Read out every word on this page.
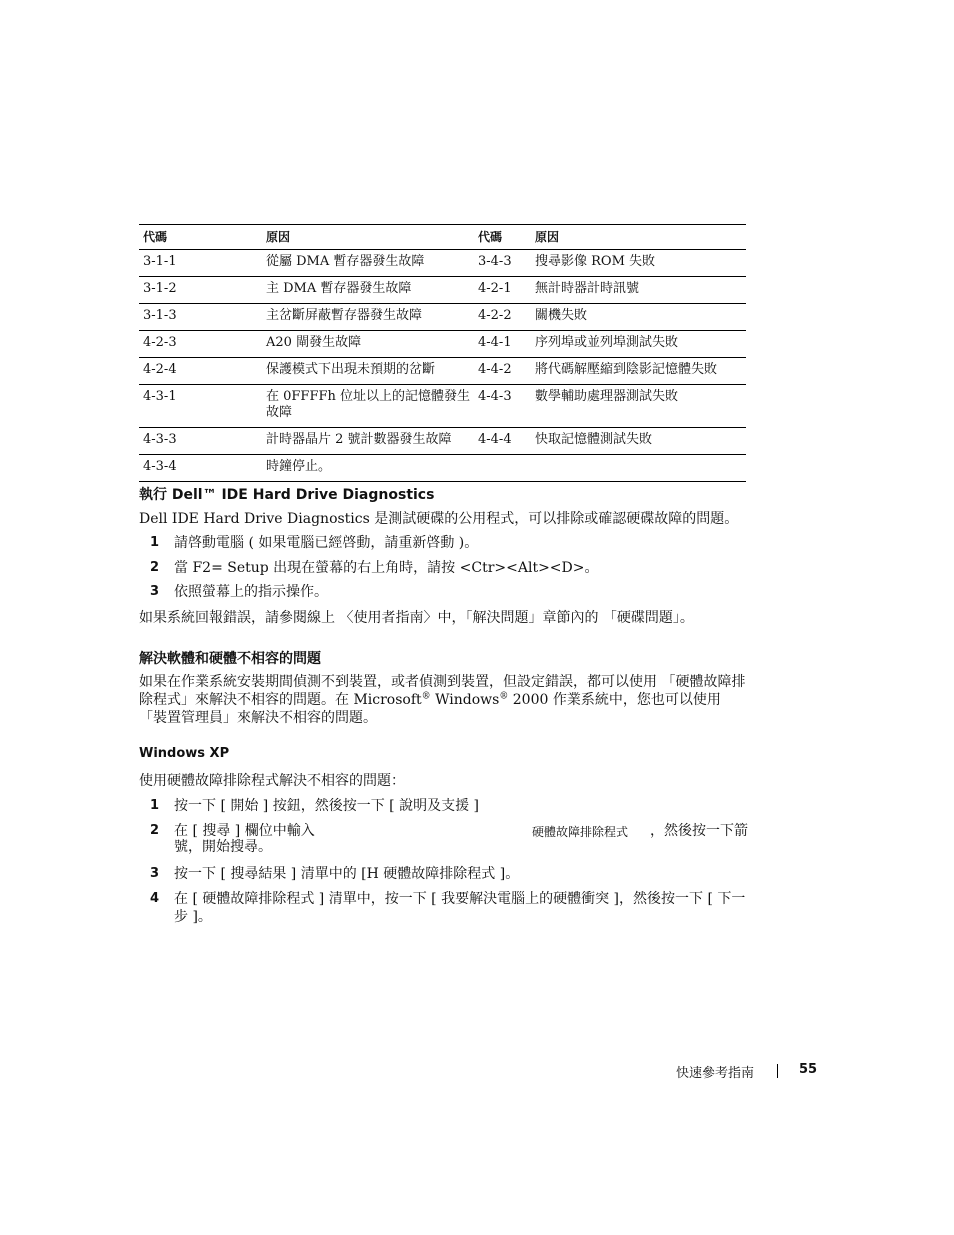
代碼	原因	代碼	原因
3-1-1	從屬 DMA 暫存器發生故障	3-4-3	搜尋影像 ROM 失敗
3-1-2	主 DMA 暫存器發生故障	4-2-1	無計時器計時訊號
3-1-3	主岔斷屏蔽暫存器發生故障	4-2-2	關機失敗
4-2-3	A20 閘發生故障	4-4-1	序列埠或並列埠測試失敗
4-2-4	保護模式下出現未預期的岔斷	4-4-2	將代碼解壓縮到陰影記憶體失敗
4-3-1	在 0FFFFh 位址以上的記憶體發生故障	4-4-3	數學輔助處理器測試失敗
4-3-3	計時器晶片 2 號計數器發生故障	4-4-4	快取記憶體測試失敗
4-3-4	時鐘停止。		
執行 Dell™ IDE Hard Drive Diagnostics

Dell IDE Hard Drive Diagnostics 是測試硬碟的公用程式，可以排除或確認硬碟故障的問題。

1 請啓動電腦 ( 如果電腦已經啓動，請重新啓動 )。
2 當 F2= Setup 出現在螢幕的右上角時，請按 <Ctr><Alt><D>。
3 依照螢幕上的指示操作。

如果系統回報錯誤，請參閱線上 〈使用者指南〉中，「解決問題」章節內的 「硬碟問題」。

解決軟體和硬體不相容的問題

如果在作業系統安裝期間偵測不到裝置，或者偵測到裝置，但設定錯誤，都可以使用 「硬體故障排除程式」來解決不相容的問題。在 Microsoft® Windows® 2000 作業系統中，您也可以使用 「裝置管理員」來解決不相容的問題。

Windows XP

使用硬體故障排除程式解決不相容的問題：

1 按一下 [ 開始 ] 按鈕，然後按一下 [ 說明及支援 ]
2 在 [ 搜尋 ] 欄位中輸入	硬體故障排除程式 ，然後按一下箭
號，開始搜尋。
3 按一下 [ 搜尋結果 ] 清單中的 [H 硬體故障排除程式 ]。
4 在 [ 硬體故障排除程式 ] 清單中，按一下 [ 我要解決電腦上的硬體衝突 ]，然後按一下 [ 下一步 ]。
快速參考指南	55
